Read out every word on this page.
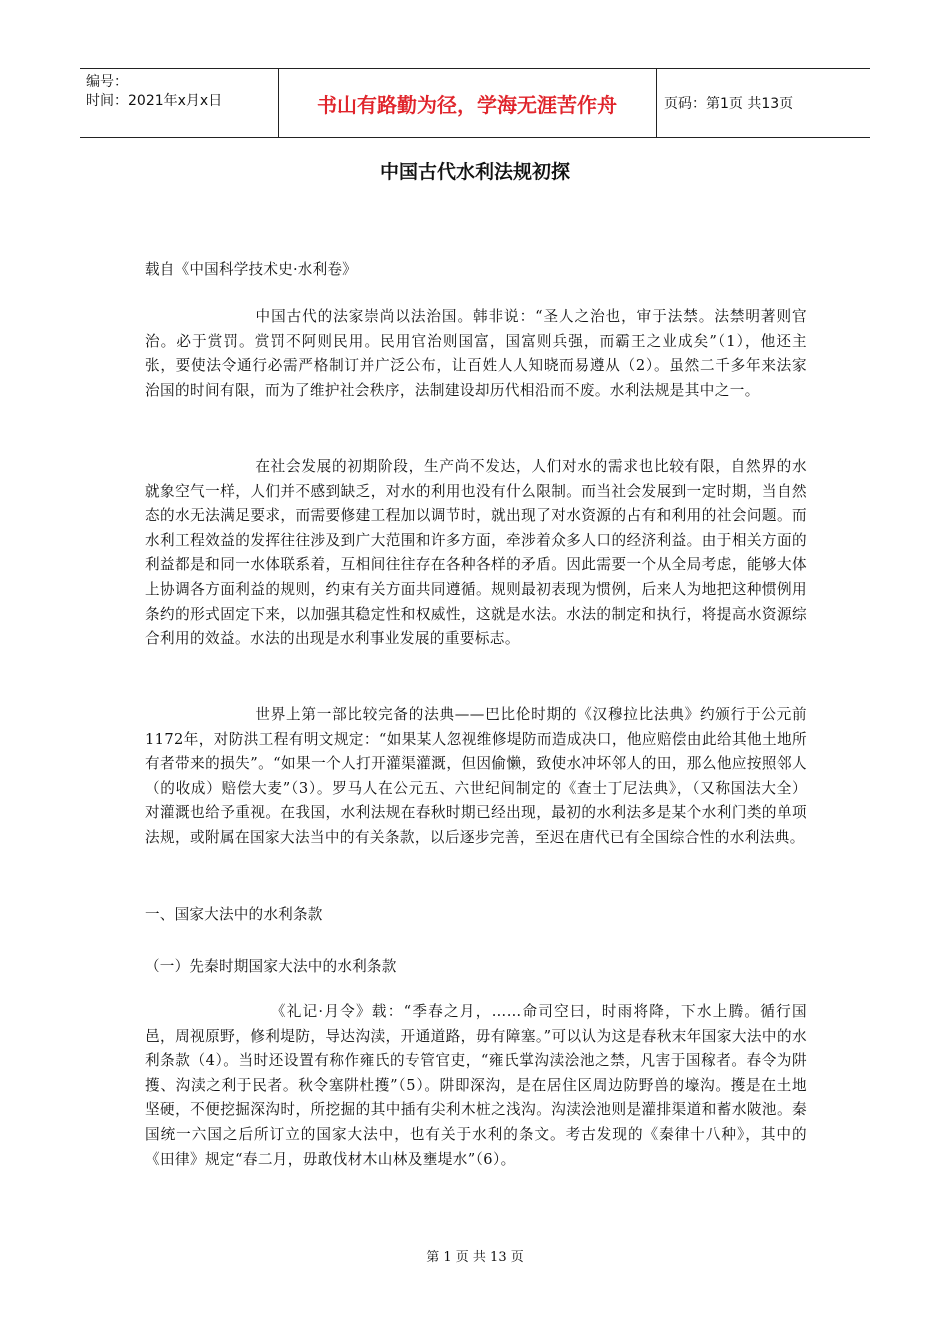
编号：
时间：2021年x月x日	书山有路勤为径，学海无涯苦作舟	页码：第1页 共13页
中国古代水利法规初探
载自《中国科学技术史·水利卷》
中国古代的法家崇尚以法治国。韩非说：“圣人之治也，审于法禁。法禁明著则官治。必于赏罚。赏罚不阿则民用。民用官治则国富，国富则兵强，而霸王之业成矣”（1），他还主张，要使法令通行必需严格制订并广泛公布，让百姓人人知晓而易遵从（2）。虽然二千多年来法家治国的时间有限，而为了维护社会秩序，法制建设却历代相沿而不废。水利法规是其中之一。
在社会发展的初期阶段，生产尚不发达，人们对水的需求也比较有限，自然界的水就象空气一样，人们并不感到缺乏，对水的利用也没有什么限制。而当社会发展到一定时期，当自然态的水无法满足要求，而需要修建工程加以调节时，就出现了对水资源的占有和利用的社会问题。而水利工程效益的发挥往往涉及到广大范围和许多方面，牵涉着众多人口的经济利益。由于相关方面的利益都是和同一水体联系着，互相间往往存在各种各样的矛盾。因此需要一个从全局考虑，能够大体上协调各方面利益的规则，约束有关方面共同遵循。规则最初表现为惯例，后来人为地把这种惯例用条约的形式固定下来，以加强其稳定性和权威性，这就是水法。水法的制定和执行，将提高水资源综合利用的效益。水法的出现是水利事业发展的重要标志。
世界上第一部比较完备的法典——巴比伦时期的《汉穆拉比法典》约颁行于公元前1172年，对防洪工程有明文规定：“如果某人忽视维修堤防而造成决口，他应赔偿由此给其他土地所有者带来的损失”。“如果一个人打开灌渠灌溉，但因偷懒，致使水冲坏邻人的田，那么他应按照邻人（的收成）赔偿大麦”（3）。罗马人在公元五、六世纪间制定的《查士丁尼法典》，（又称国法大全）对灌溉也给予重视。在我国，水利法规在春秋时期已经出现，最初的水利法多是某个水利门类的单项法规，或附属在国家大法当中的有关条款，以后逐步完善，至迟在唐代已有全国综合性的水利法典。
一、国家大法中的水利条款
（一）先秦时期国家大法中的水利条款
《礼记·月令》载：“季春之月，……命司空曰，时雨将降，下水上腾。循行国邑，周视原野，修利堤防，导达沟渎，开通道路，毋有障塞。”可以认为这是春秋末年国家大法中的水利条款（4）。当时还设置有称作雍氏的专管官吏，“雍氏掌沟渎浍池之禁，凡害于国稼者。春令为阱擭、沟渎之利于民者。秋令塞阱杜擭”（5）。阱即深沟，是在居住区周边防野兽的壕沟。擭是在土地坚硬，不便挖掘深沟时，所挖掘的其中插有尖利木桩之浅沟。沟渎浍池则是灌排渠道和蓄水陂池。秦国统一六国之后所订立的国家大法中，也有关于水利的条文。考古发现的《秦律十八种》，其中的《田律》规定“春二月，毋敢伐材木山林及壅堤水”（6）。
第 1 页 共 13 页
